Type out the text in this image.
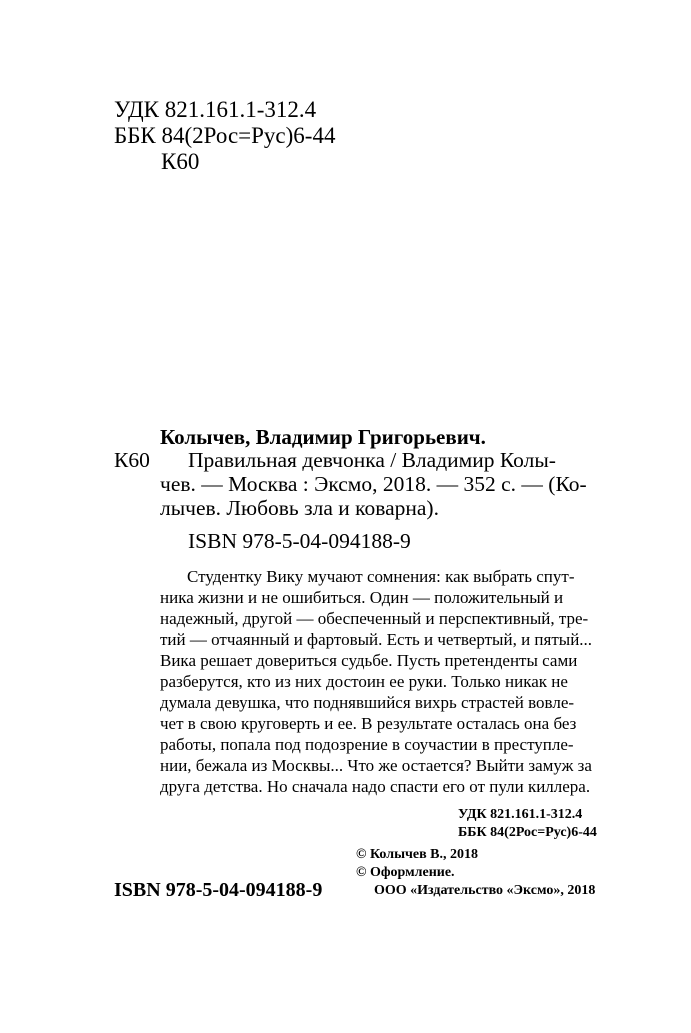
УДК 821.161.1-312.4
ББК 84(2Рос=Рус)6-44
К60
Колычев, Владимир Григорьевич.
К60 Правильная девчонка / Владимир Колы-
чев. — Москва : Эксмо, 2018. — 352 с. — (Ко-
лычев. Любовь зла и коварна).
ISBN 978-5-04-094188-9
Студентку Вику мучают сомнения: как выбрать спут-
ника жизни и не ошибиться. Один — положительный и
надежный, другой — обеспеченный и перспективный, тре-
тий — отчаянный и фартовый. Есть и четвертый, и пятый...
Вика решает довериться судьбе. Пусть претенденты сами
разберутся, кто из них достоин ее руки. Только никак не
думала девушка, что поднявшийся вихрь страстей вовле-
чет в свою круговерть и ее. В результате осталась она без
работы, попала под подозрение в соучастии в преступле-
нии, бежала из Москвы... Что же остается? Выйти замуж за
друга детства. Но сначала надо спасти его от пули киллера.
УДК 821.161.1-312.4
ББК 84(2Рос=Рус)6-44
© Колычев В., 2018
© Оформление.
ООО «Издательство «Эксмо», 2018
ISBN 978-5-04-094188-9
